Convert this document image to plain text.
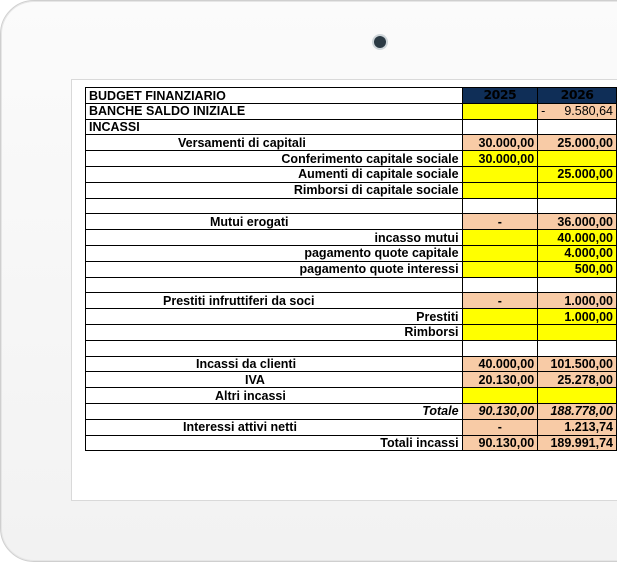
BUDGET FINANZIARIO	2025	2026
BANCHE SALDO INIZIALE		- 9.580,64

INCASSI		
Versamenti di capitali	30.000,00	25.000,00
Conferimento capitale sociale	30.000,00	
Aumenti di capitale sociale		25.000,00
Rimborsi di capitale sociale		

Mutui erogati	-	36.000,00
incasso mutui		40.000,00
pagamento quote capitale		4.000,00
pagamento quote interessi		500,00

Prestiti infruttiferi da soci	-	1.000,00
Prestiti		1.000,00
Rimborsi		

Incassi da clienti	40.000,00	101.500,00
IVA	20.130,00	25.278,00
Altri incassi		
Totale	90.130,00	188.778,00
Interessi attivi netti	-	1.213,74
Totali incassi	90.130,00	189.991,74
